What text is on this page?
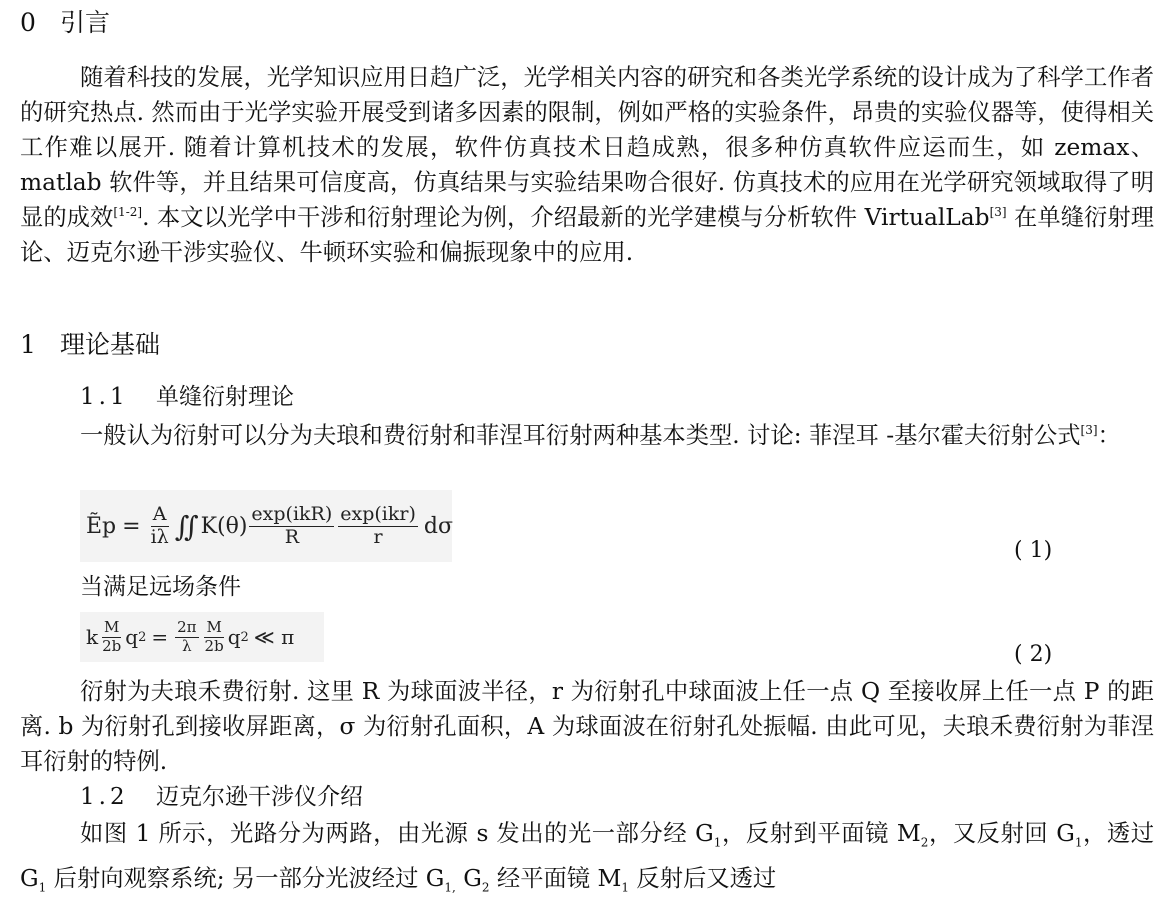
0 引言
随着科技的发展，光学知识应用日趋广泛，光学相关内容的研究和各类光学系统的设计成为了科学工作者的研究热点. 然而由于光学实验开展受到诸多因素的限制，例如严格的实验条件，昂贵的实验仪器等，使得相关工作难以展开. 随着计算机技术的发展，软件仿真技术日趋成熟，很多种仿真软件应运而生，如 zemax、matlab 软件等，并且结果可信度高，仿真结果与实验结果吻合很好. 仿真技术的应用在光学研究领域取得了明显的成效[1-2]. 本文以光学中干涉和衍射理论为例，介绍最新的光学建模与分析软件 VirtualLab[3] 在单缝衍射理论、迈克尔逊干涉实验仪、牛顿环实验和偏振现象中的应用.
1 理论基础
1.1 单缝衍射理论
一般认为衍射可以分为夫琅和费衍射和菲涅耳衍射两种基本类型. 讨论: 菲涅耳 -基尔霍夫衍射公式[3]：
Ẽp = $\frac{A}{i\lambda}$ ∬ $K(\theta) \frac{\text{exp(ikR)}}{R} \frac{\text{exp(ikr)}}{r}$ dσ
( 1)
当满足远场条件
k $\frac{M}{2b}$ q $2 = \frac{2\pi}{\lambda} \frac{M}{2b}$ q 2 ≪ π
( 2)
衍射为夫琅禾费衍射. 这里 R 为球面波半径，r 为衍射孔中球面波上任一点 Q 至接收屏上任一点 P 的距离. b 为衍射孔到接收屏距离，σ 为衍射孔面积，A 为球面波在衍射孔处振幅. 由此可见，夫琅禾费衍射为菲涅耳衍射的特例.
1.2 迈克尔逊干涉仪介绍
如图 1 所示，光路分为两路，由光源 s 发出的光一部分经 $G_1$，反射到平面镜 $M_2$，又反射回 $G_1$，透过 $G_1$ 后射向观察系统; 另一部分光波经过 $G_{1,}$ $G_2$ 经平面镜 $M_1$ 反射后又透过
